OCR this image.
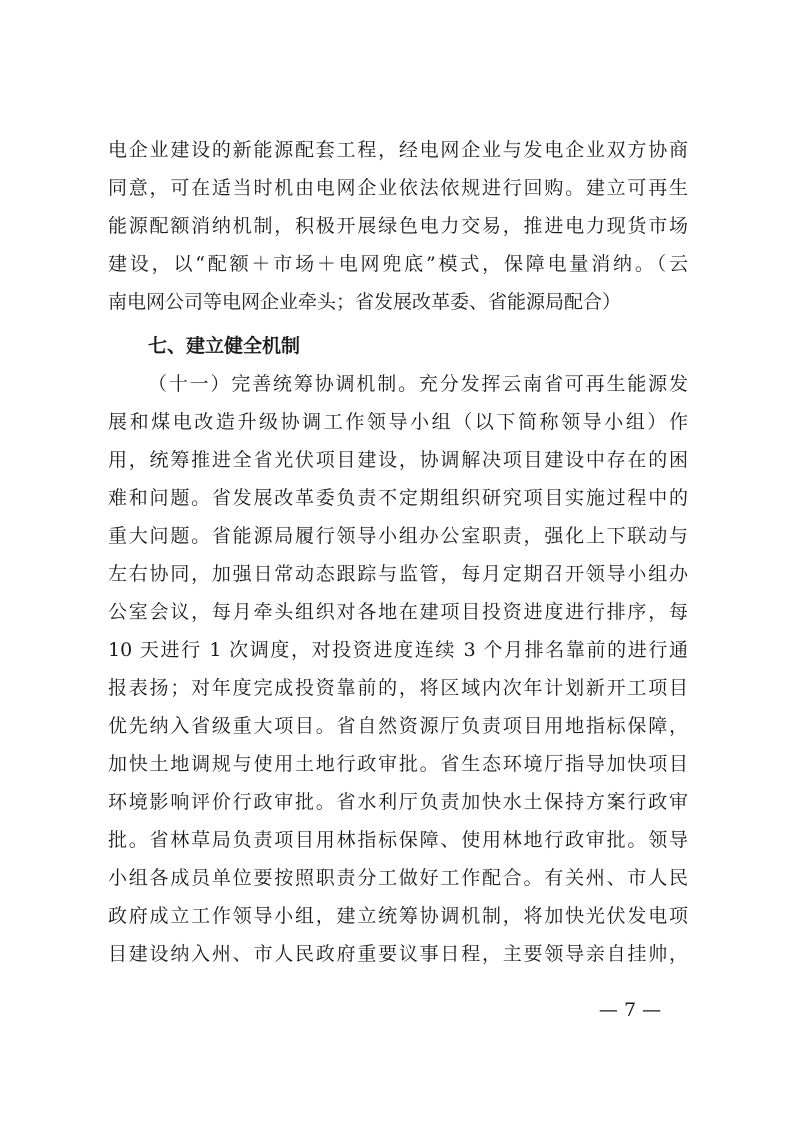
电企业建设的新能源配套工程，经电网企业与发电企业双方协商
同意，可在适当时机由电网企业依法依规进行回购。建立可再生
能源配额消纳机制，积极开展绿色电力交易，推进电力现货市场
建设，以“配额＋市场＋电网兜底”模式，保障电量消纳。（云
南电网公司等电网企业牵头；省发展改革委、省能源局配合）
七、建立健全机制
（十一）完善统筹协调机制。充分发挥云南省可再生能源发
展和煤电改造升级协调工作领导小组（以下简称领导小组）作
用，统筹推进全省光伏项目建设，协调解决项目建设中存在的困
难和问题。省发展改革委负责不定期组织研究项目实施过程中的
重大问题。省能源局履行领导小组办公室职责，强化上下联动与
左右协同，加强日常动态跟踪与监管，每月定期召开领导小组办
公室会议，每月牵头组织对各地在建项目投资进度进行排序，每
10 天进行 1 次调度，对投资进度连续 3 个月排名靠前的进行通
报表扬；对年度完成投资靠前的，将区域内次年计划新开工项目
优先纳入省级重大项目。省自然资源厅负责项目用地指标保障，
加快土地调规与使用土地行政审批。省生态环境厅指导加快项目
环境影响评价行政审批。省水利厅负责加快水土保持方案行政审
批。省林草局负责项目用林指标保障、使用林地行政审批。领导
小组各成员单位要按照职责分工做好工作配合。有关州、市人民
政府成立工作领导小组，建立统筹协调机制，将加快光伏发电项
目建设纳入州、市人民政府重要议事日程，主要领导亲自挂帅，
— 7 —
